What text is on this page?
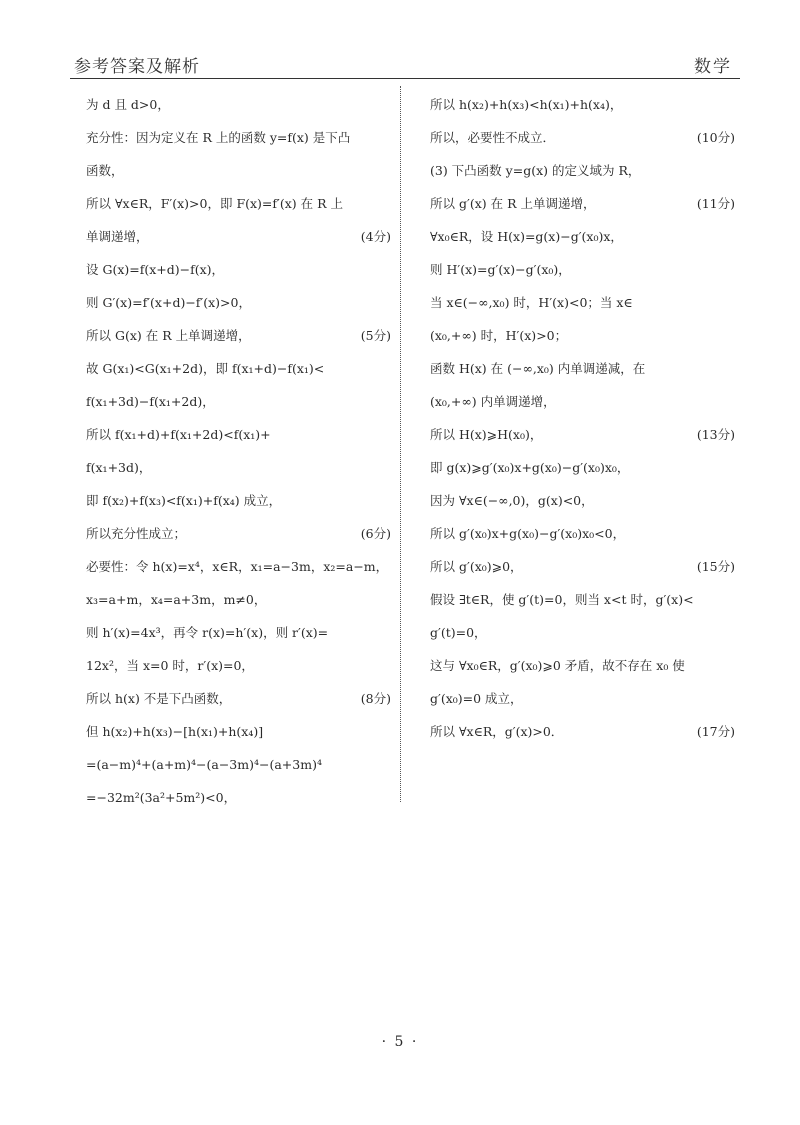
参考答案及解析	数学
为 d 且 d>0，
充分性：因为定义在 R 上的函数 y=f(x) 是下凸
函数，
所以 ∀x∈R，F′(x)>0，即 F(x)=f′(x) 在 R 上
单调递增，	(4分)
设 G(x)=f(x+d)−f(x)，
则 G′(x)=f′(x+d)−f′(x)>0，
所以 G(x) 在 R 上单调递增，	(5分)
故 G(x₁)<G(x₁+2d)，即 f(x₁+d)−f(x₁)<
f(x₁+3d)−f(x₁+2d)，
所以 f(x₁+d)+f(x₁+2d)<f(x₁)+
f(x₁+3d)，
即 f(x₂)+f(x₃)<f(x₁)+f(x₄) 成立，
所以充分性成立；	(6分)
必要性：令 h(x)=x⁴，x∈R，x₁=a−3m，x₂=a−m，
x₃=a+m，x₄=a+3m，m≠0，
则 h′(x)=4x³，再令 r(x)=h′(x)，则 r′(x)=
12x²，当 x=0 时，r′(x)=0，
所以 h(x) 不是下凸函数，	(8分)
但 h(x₂)+h(x₃)−[h(x₁)+h(x₄)]
=(a−m)⁴+(a+m)⁴−(a−3m)⁴−(a+3m)⁴
=−32m²(3a²+5m²)<0，
所以 h(x₂)+h(x₃)<h(x₁)+h(x₄)，
所以，必要性不成立．	(10分)
(3) 下凸函数 y=g(x) 的定义域为 R，
所以 g′(x) 在 R 上单调递增，	(11分)
∀x₀∈R，设 H(x)=g(x)−g′(x₀)x，
则 H′(x)=g′(x)−g′(x₀)，
当 x∈(−∞,x₀) 时，H′(x)<0；当 x∈
(x₀,+∞) 时，H′(x)>0；
函数 H(x) 在 (−∞,x₀) 内单调递减，在
(x₀,+∞) 内单调递增，
所以 H(x)⩾H(x₀)，	(13分)
即 g(x)⩾g′(x₀)x+g(x₀)−g′(x₀)x₀，
因为 ∀x∈(−∞,0)，g(x)<0，
所以 g′(x₀)x+g(x₀)−g′(x₀)x₀<0，
所以 g′(x₀)⩾0，	(15分)
假设 ∃t∈R，使 g′(t)=0，则当 x<t 时，g′(x)<
g′(t)=0，
这与 ∀x₀∈R，g′(x₀)⩾0 矛盾，故不存在 x₀ 使
g′(x₀)=0 成立，
所以 ∀x∈R，g′(x)>0．	(17分)
· 5 ·
